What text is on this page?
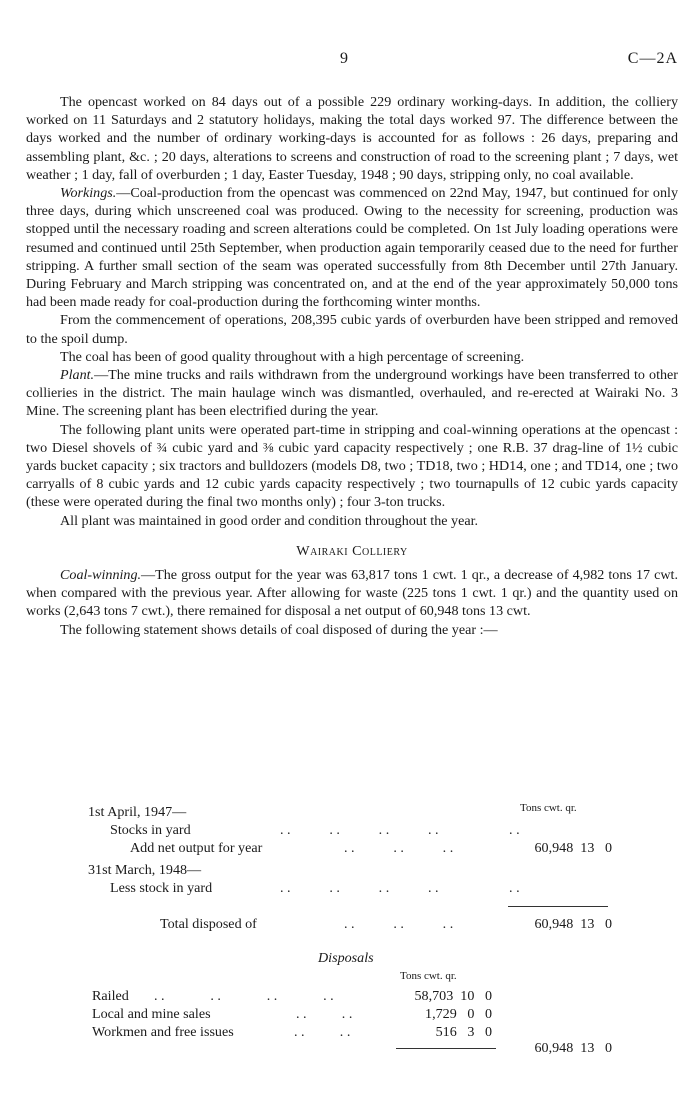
9	C—2A

The opencast worked on 84 days out of a possible 229 ordinary working-days. In addition, the colliery worked on 11 Saturdays and 2 statutory holidays, making the total days worked 97. The difference between the days worked and the number of ordinary working-days is accounted for as follows : 26 days, preparing and assembling plant, &c. ; 20 days, alterations to screens and construction of road to the screening plant ; 7 days, wet weather ; 1 day, fall of overburden ; 1 day, Easter Tuesday, 1948 ; 90 days, stripping only, no coal available.

Workings.—Coal-production from the opencast was commenced on 22nd May, 1947, but continued for only three days, during which unscreened coal was produced. Owing to the necessity for screening, production was stopped until the necessary roading and screen alterations could be completed. On 1st July loading operations were resumed and continued until 25th September, when production again temporarily ceased due to the need for further stripping. A further small section of the seam was operated successfully from 8th December until 27th January. During February and March stripping was concentrated on, and at the end of the year approximately 50,000 tons had been made ready for coal-production during the forthcoming winter months.

From the commencement of operations, 208,395 cubic yards of overburden have been stripped and removed to the spoil dump.

The coal has been of good quality throughout with a high percentage of screening.

Plant.—The mine trucks and rails withdrawn from the underground workings have been transferred to other collieries in the district. The main haulage winch was dismantled, overhauled, and re-erected at Wairaki No. 3 Mine. The screening plant has been electrified during the year.

The following plant units were operated part-time in stripping and coal-winning operations at the opencast : two Diesel shovels of ¾ cubic yard and ⅜ cubic yard capacity respectively ; one R.B. 37 drag-line of 1½ cubic yards bucket capacity ; six tractors and bulldozers (models D8, two ; TD18, two ; HD14, one ; and TD14, one ; two carryalls of 8 cubic yards and 12 cubic yards capacity respectively ; two tournapulls of 12 cubic yards capacity (these were operated during the final two months only) ; four 3-ton trucks.

All plant was maintained in good order and condition throughout the year.

Wairaki Colliery

Coal-winning.—The gross output for the year was 63,817 tons 1 cwt. 1 qr., a decrease of 4,982 tons 17 cwt. when compared with the previous year. After allowing for waste (225 tons 1 cwt. 1 qr.) and the quantity used on works (2,643 tons 7 cwt.), there remained for disposal a net output of 60,948 tons 13 cwt.

The following statement shows details of coal disposed of during the year :—

Tons cwt. qr.
1st April, 1947—
Stocks in yard	. .           . .           . .           . .                    . .
Add net output for year	. .           . .           . .	60,948  13   0
31st March, 1948—
Less stock in yard	. .           . .           . .           . .                    . .
Total disposed of	. .           . .           . .	60,948  13   0
Disposals
Tons cwt. qr.
Railed . .             . .             . .             . .	58,703  10   0
Local and mine sales	. .          . .	1,729   0   0
Workmen and free issues	. .          . .	516   3   0
60,948  13   0
